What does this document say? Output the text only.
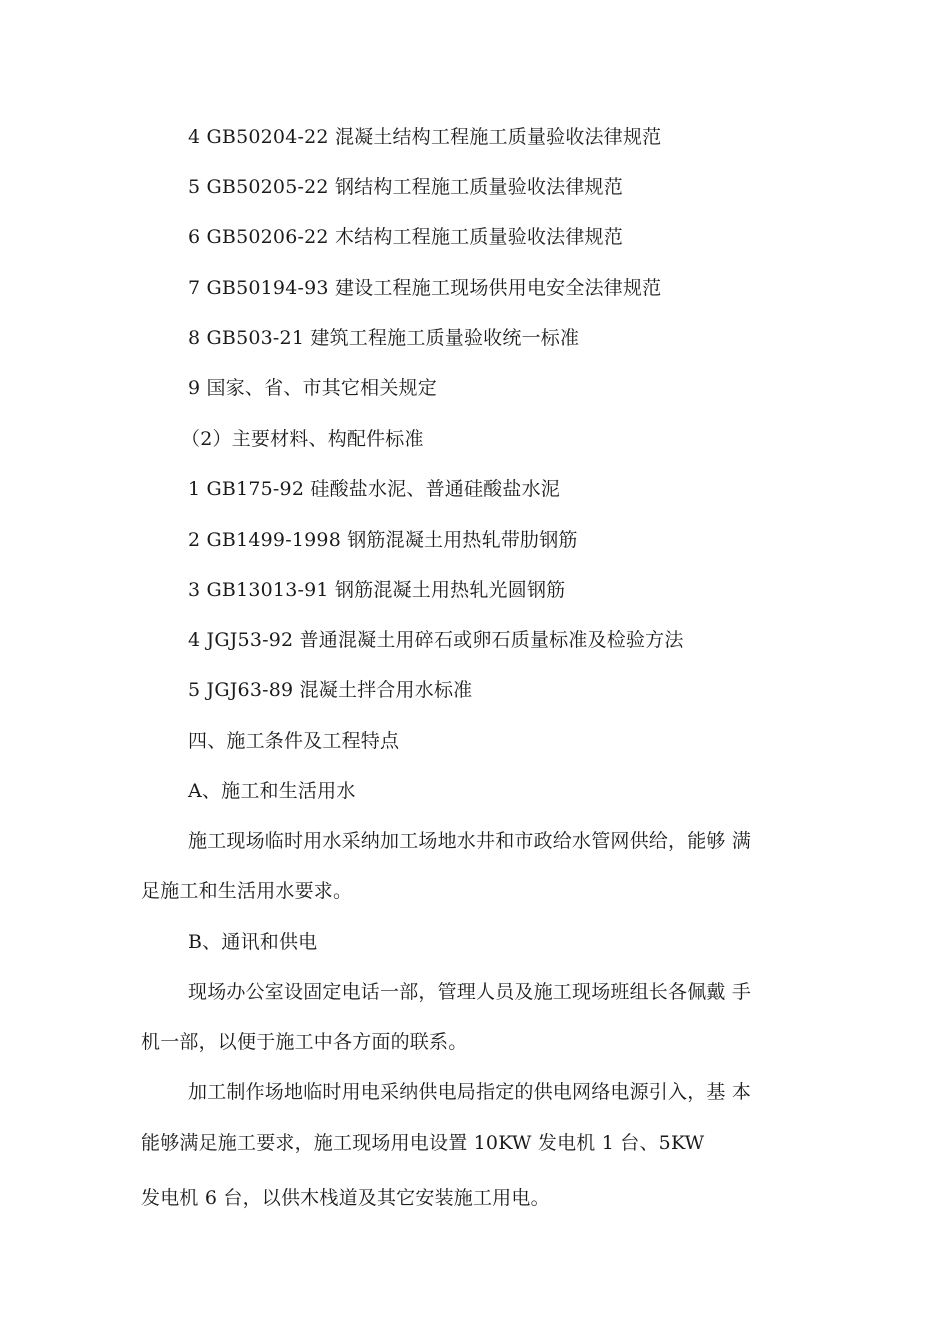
4 GB50204-22 混凝土结构工程施工质量验收法律规范
5 GB50205-22 钢结构工程施工质量验收法律规范
6 GB50206-22 木结构工程施工质量验收法律规范
7 GB50194-93 建设工程施工现场供用电安全法律规范
8 GB503-21 建筑工程施工质量验收统一标准
9 国家、省、市其它相关规定
（2）主要材料、构配件标准
1 GB175-92 硅酸盐水泥、普通硅酸盐水泥
2 GB1499-1998 钢筋混凝土用热轧带肋钢筋
3 GB13013-91 钢筋混凝土用热轧光圆钢筋
4 JGJ53-92 普通混凝土用碎石或卵石质量标准及检验方法
5 JGJ63-89 混凝土拌合用水标准
四、施工条件及工程特点
A、施工和生活用水
施工现场临时用水采纳加工场地水井和市政给水管网供给，能够 满
足施工和生活用水要求。
B、通讯和供电
现场办公室设固定电话一部，管理人员及施工现场班组长各佩戴 手
机一部，以便于施工中各方面的联系。
加工制作场地临时用电采纳供电局指定的供电网络电源引入，基 本
能够满足施工要求，施工现场用电设置 10KW 发电机 1 台、5KW
发电机 6 台，以供木栈道及其它安装施工用电。
